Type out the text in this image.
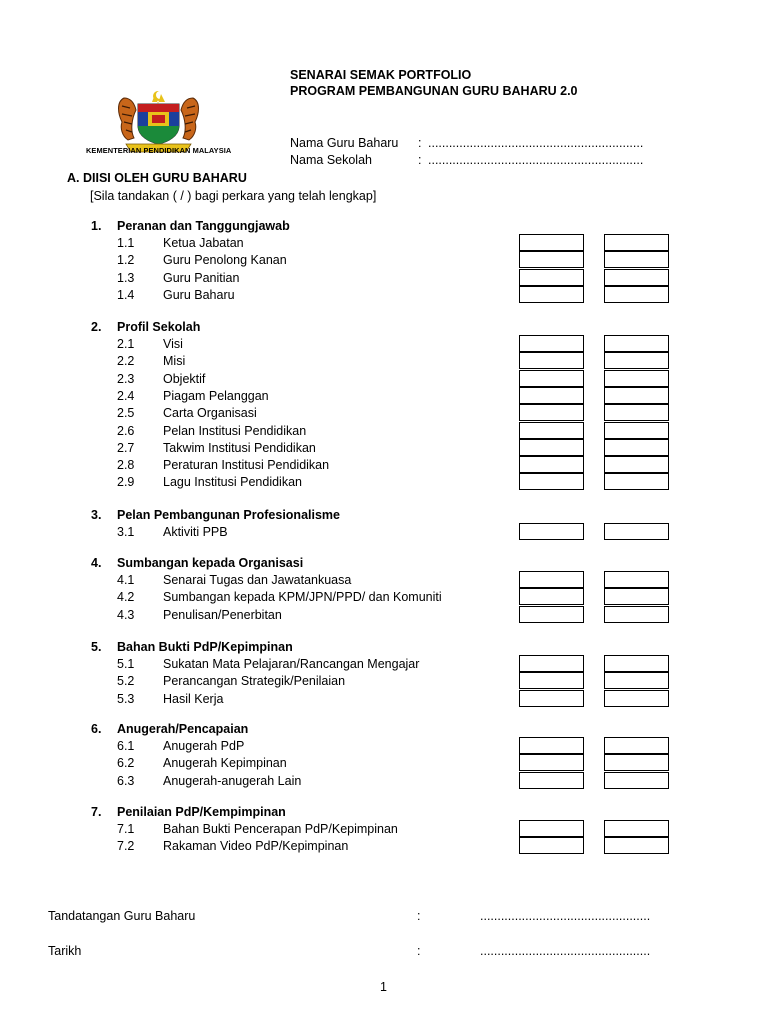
KEMENTERIAN PENDIDIKAN MALAYSIA
SENARAI SEMAK PORTFOLIO
PROGRAM PEMBANGUNAN GURU BAHARU 2.0
Nama Guru Baharu : ..............................................................
Nama Sekolah	: ..............................................................
A. DIISI OLEH GURU BAHARU
[Sila tandakan ( / ) bagi perkara yang telah lengkap]
1. Peranan dan Tanggungjawab
1.1 Ketua Jabatan
1.2 Guru Penolong Kanan
1.3 Guru Panitian
1.4 Guru Baharu
2. Profil Sekolah
2.1 Visi
2.2 Misi
2.3 Objektif
2.4 Piagam Pelanggan
2.5 Carta Organisasi
2.6 Pelan Institusi Pendidikan
2.7 Takwim Institusi Pendidikan
2.8 Peraturan Institusi Pendidikan
2.9 Lagu Institusi Pendidikan
3. Pelan Pembangunan Profesionalisme
3.1 Aktiviti PPB
4. Sumbangan kepada Organisasi
4.1 Senarai Tugas dan Jawatankuasa
4.2 Sumbangan kepada KPM/JPN/PPD/ dan Komuniti
4.3 Penulisan/Penerbitan
5. Bahan Bukti PdP/Kepimpinan
5.1 Sukatan Mata Pelajaran/Rancangan Mengajar
5.2 Perancangan Strategik/Penilaian
5.3 Hasil Kerja
6. Anugerah/Pencapaian
6.1 Anugerah PdP
6.2 Anugerah Kepimpinan
6.3 Anugerah-anugerah Lain
7. Penilaian PdP/Kempimpinan
7.1 Bahan Bukti Pencerapan PdP/Kepimpinan
7.2 Rakaman Video PdP/Kepimpinan
Tandatangan Guru Baharu	:	.................................................
Tarikh	:	.................................................
1
